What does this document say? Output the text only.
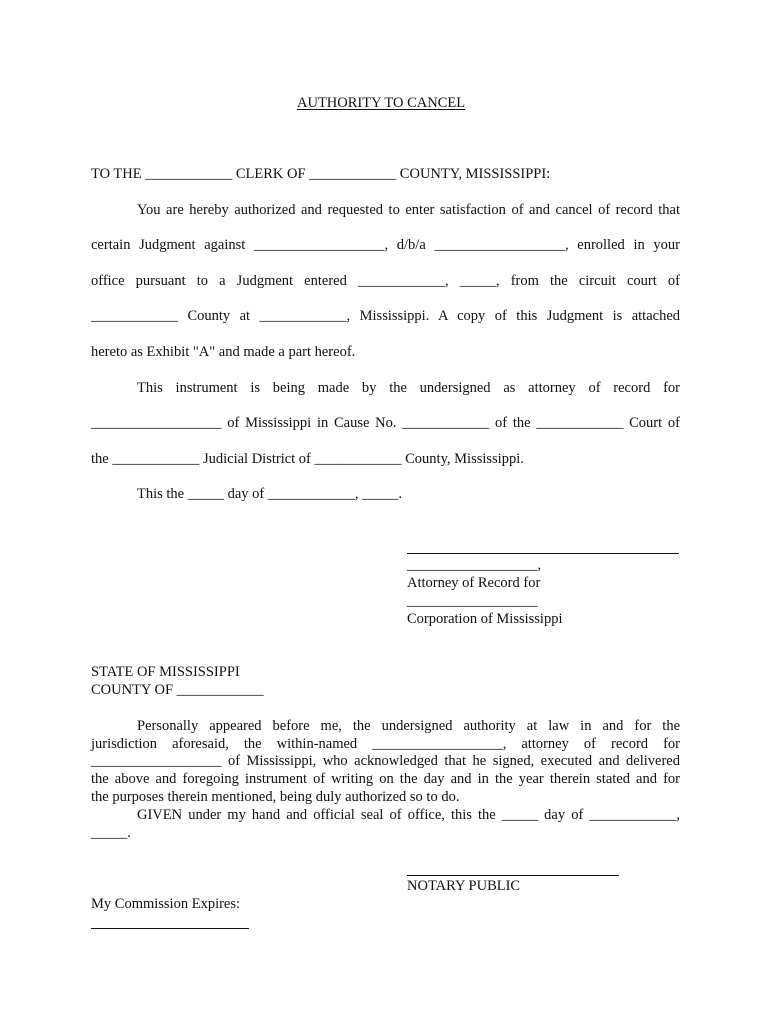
AUTHORITY TO CANCEL
TO THE ____________ CLERK OF ____________ COUNTY, MISSISSIPPI:
You are hereby authorized and requested to enter satisfaction of and cancel of record that
certain Judgment against __________________, d/b/a __________________, enrolled in your
office pursuant to a Judgment entered ____________, _____, from the circuit court of
____________ County at ____________, Mississippi. A copy of this Judgment is attached
hereto as Exhibit "A" and made a part hereof.
This instrument is being made by the undersigned as attorney of record for
__________________ of Mississippi in Cause No. ____________ of the ____________ Court of
the ____________ Judicial District of ____________ County, Mississippi.
This the _____ day of ____________, _____.
__________________,
Attorney of Record for
__________________
Corporation of Mississippi
STATE OF MISSISSIPPI
COUNTY OF ____________
Personally appeared before me, the undersigned authority at law in and for the
jurisdiction aforesaid, the within-named __________________, attorney of record for
__________________ of Mississippi, who acknowledged that he signed, executed and delivered
the above and foregoing instrument of writing on the day and in the year therein stated and for
the purposes therein mentioned, being duly authorized so to do.
GIVEN under my hand and official seal of office, this the _____ day of ____________,
_____.
NOTARY PUBLIC
My Commission Expires:
